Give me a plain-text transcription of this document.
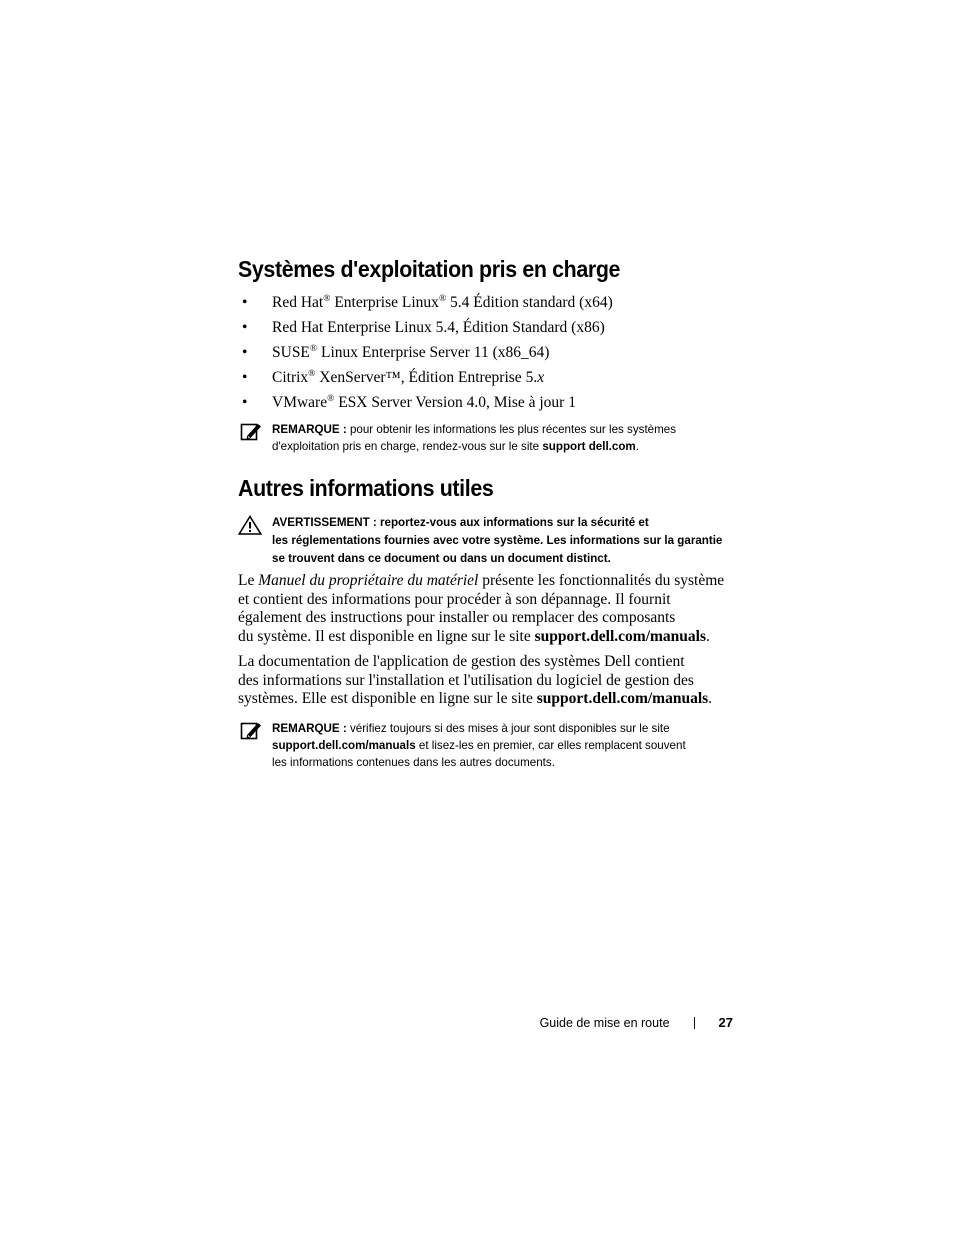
Systèmes d'exploitation pris en charge
• Red Hat® Enterprise Linux® 5.4 Édition standard (x64)
• Red Hat Enterprise Linux 5.4, Édition Standard (x86)
• SUSE® Linux Enterprise Server 11 (x86_64)
• Citrix® XenServer™, Édition Entreprise 5.x
• VMware® ESX Server Version 4.0, Mise à jour 1
REMARQUE : pour obtenir les informations les plus récentes sur les systèmes
d'exploitation pris en charge, rendez-vous sur le site support dell.com.
Autres informations utiles
AVERTISSEMENT : reportez-vous aux informations sur la sécurité et
les réglementations fournies avec votre système. Les informations sur la garantie
se trouvent dans ce document ou dans un document distinct.
Le Manuel du propriétaire du matériel présente les fonctionnalités du système
et contient des informations pour procéder à son dépannage. Il fournit
également des instructions pour installer ou remplacer des composants
du système. Il est disponible en ligne sur le site support.dell.com/manuals.
La documentation de l'application de gestion des systèmes Dell contient
des informations sur l'installation et l'utilisation du logiciel de gestion des
systèmes. Elle est disponible en ligne sur le site support.dell.com/manuals.
REMARQUE : vérifiez toujours si des mises à jour sont disponibles sur le site
support.dell.com/manuals et lisez-les en premier, car elles remplacent souvent
les informations contenues dans les autres documents.
Guide de mise en route	27
